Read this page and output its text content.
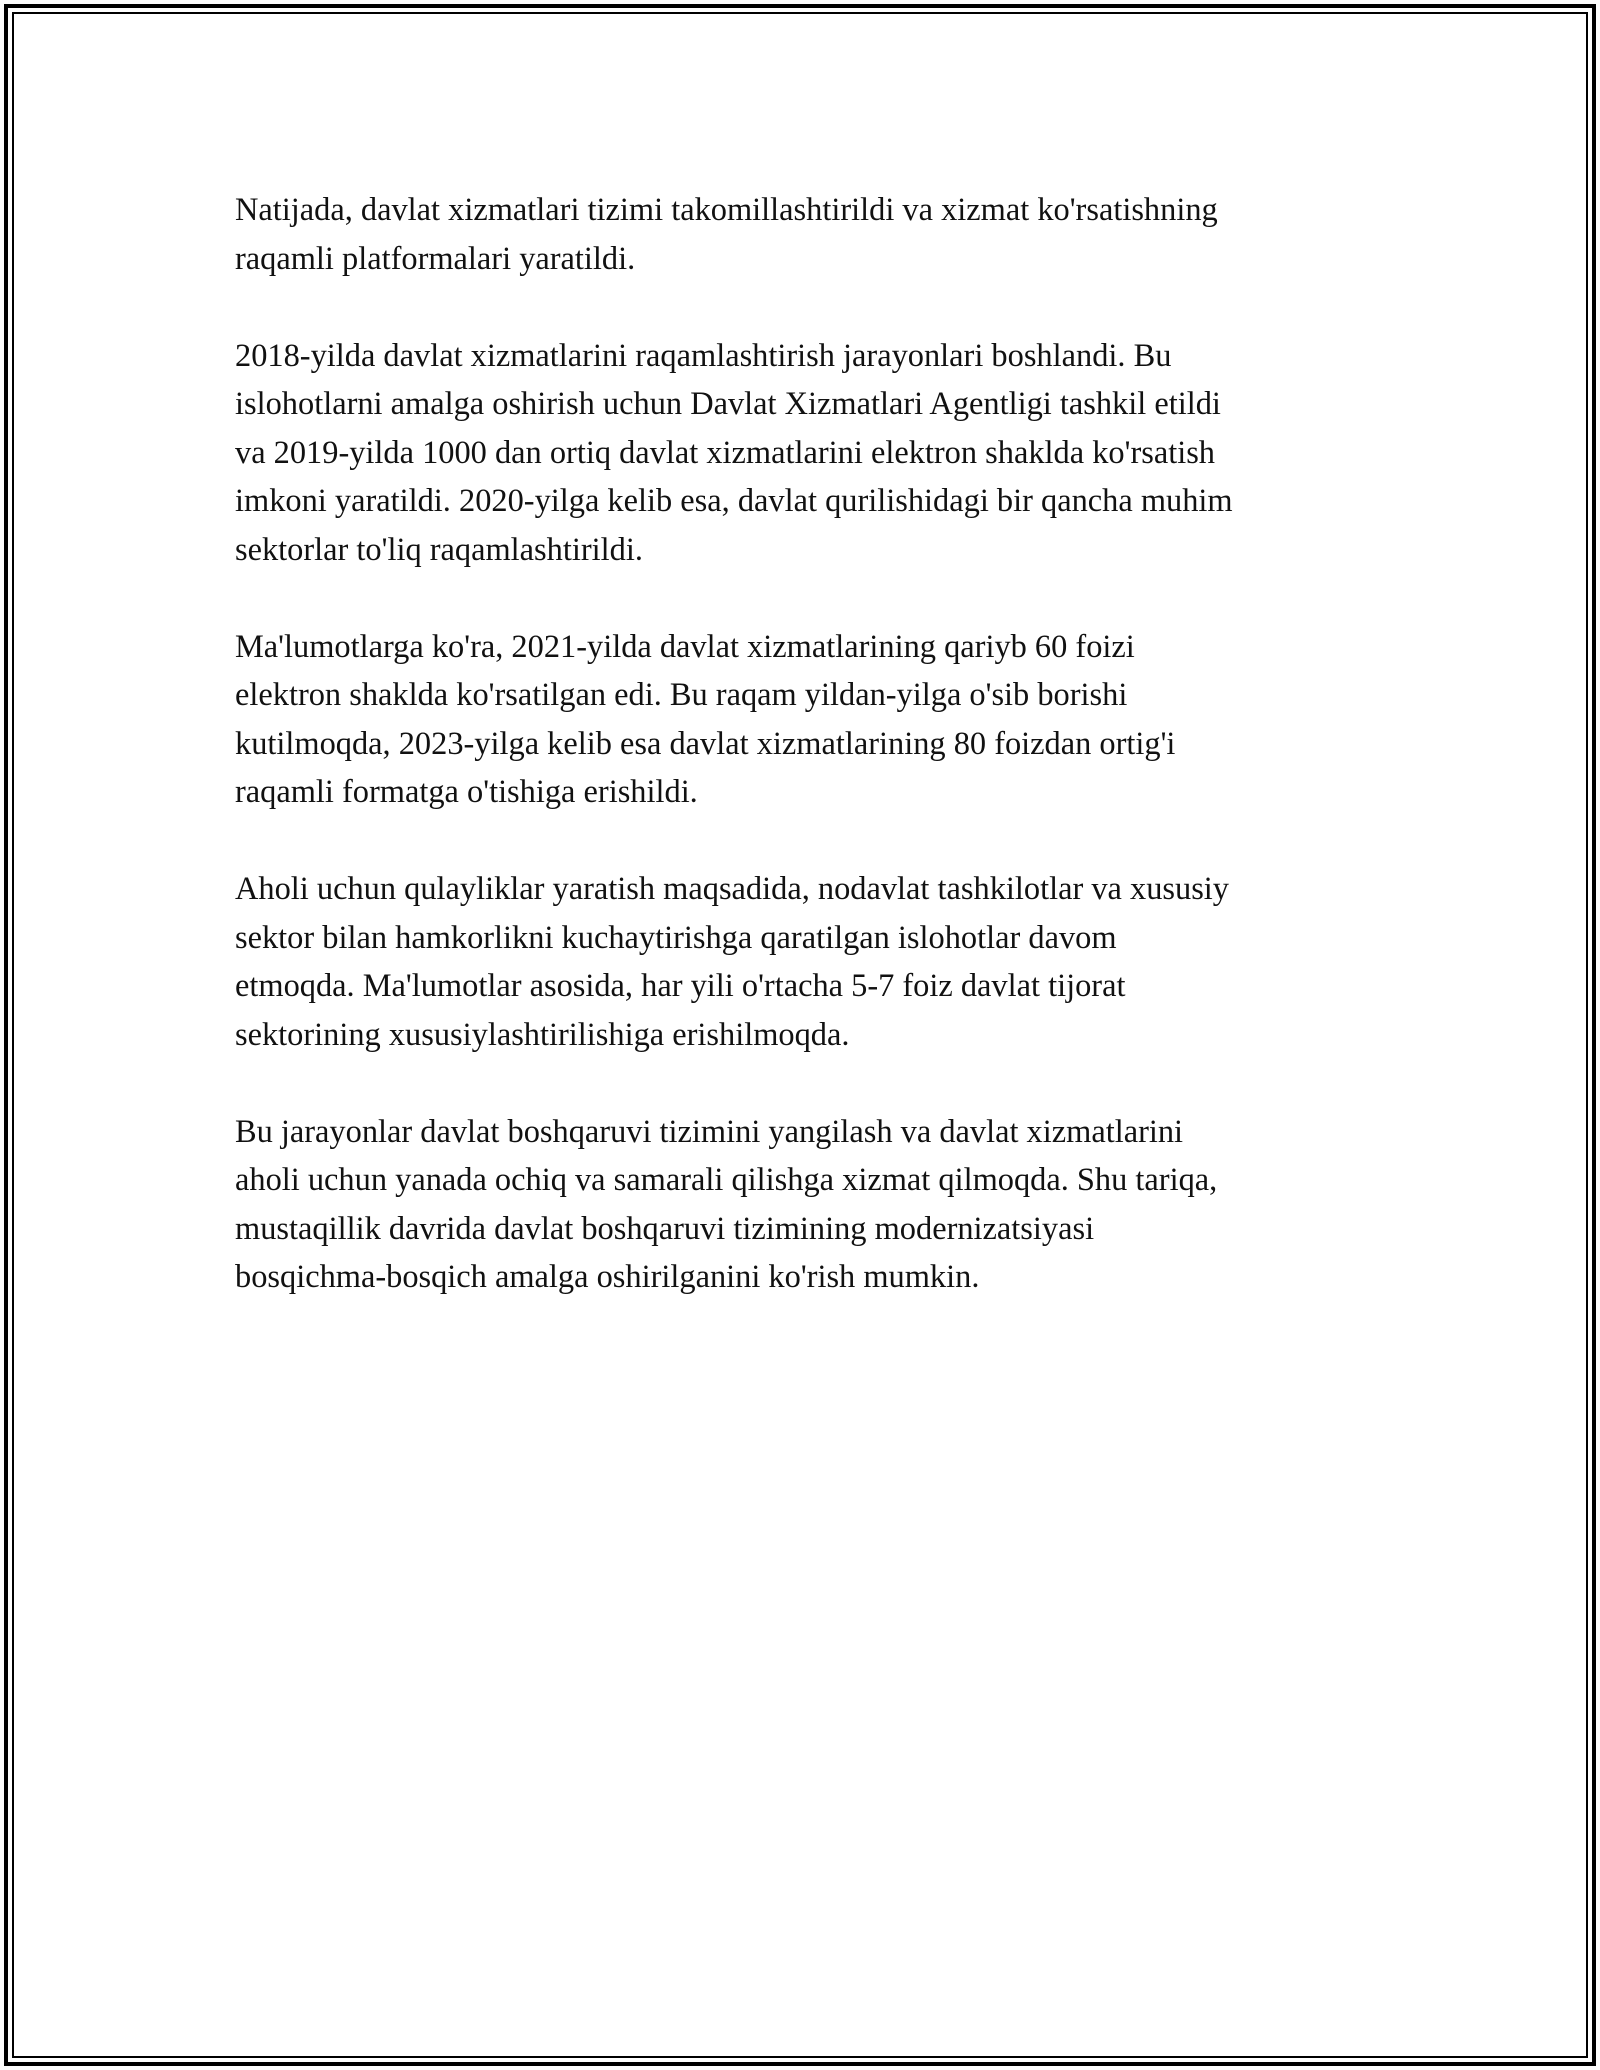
Natijada, davlat xizmatlari tizimi takomillashtirildi va xizmat ko'rsatishning
raqamli platformalari yaratildi.

2018-yilda davlat xizmatlarini raqamlashtirish jarayonlari boshlandi. Bu
islohotlarni amalga oshirish uchun Davlat Xizmatlari Agentligi tashkil etildi
va 2019-yilda 1000 dan ortiq davlat xizmatlarini elektron shaklda ko'rsatish
imkoni yaratildi. 2020-yilga kelib esa, davlat qurilishidagi bir qancha muhim
sektorlar to'liq raqamlashtirildi.

Ma'lumotlarga ko'ra, 2021-yilda davlat xizmatlarining qariyb 60 foizi
elektron shaklda ko'rsatilgan edi. Bu raqam yildan-yilga o'sib borishi
kutilmoqda, 2023-yilga kelib esa davlat xizmatlarining 80 foizdan ortig'i
raqamli formatga o'tishiga erishildi.

Aholi uchun qulayliklar yaratish maqsadida, nodavlat tashkilotlar va xususiy
sektor bilan hamkorlikni kuchaytirishga qaratilgan islohotlar davom
etmoqda. Ma'lumotlar asosida, har yili o'rtacha 5-7 foiz davlat tijorat
sektorining xususiylashtirilishiga erishilmoqda.

Bu jarayonlar davlat boshqaruvi tizimini yangilash va davlat xizmatlarini
aholi uchun yanada ochiq va samarali qilishga xizmat qilmoqda. Shu tariqa,
mustaqillik davrida davlat boshqaruvi tizimining modernizatsiyasi
bosqichma-bosqich amalga oshirilganini ko'rish mumkin.
